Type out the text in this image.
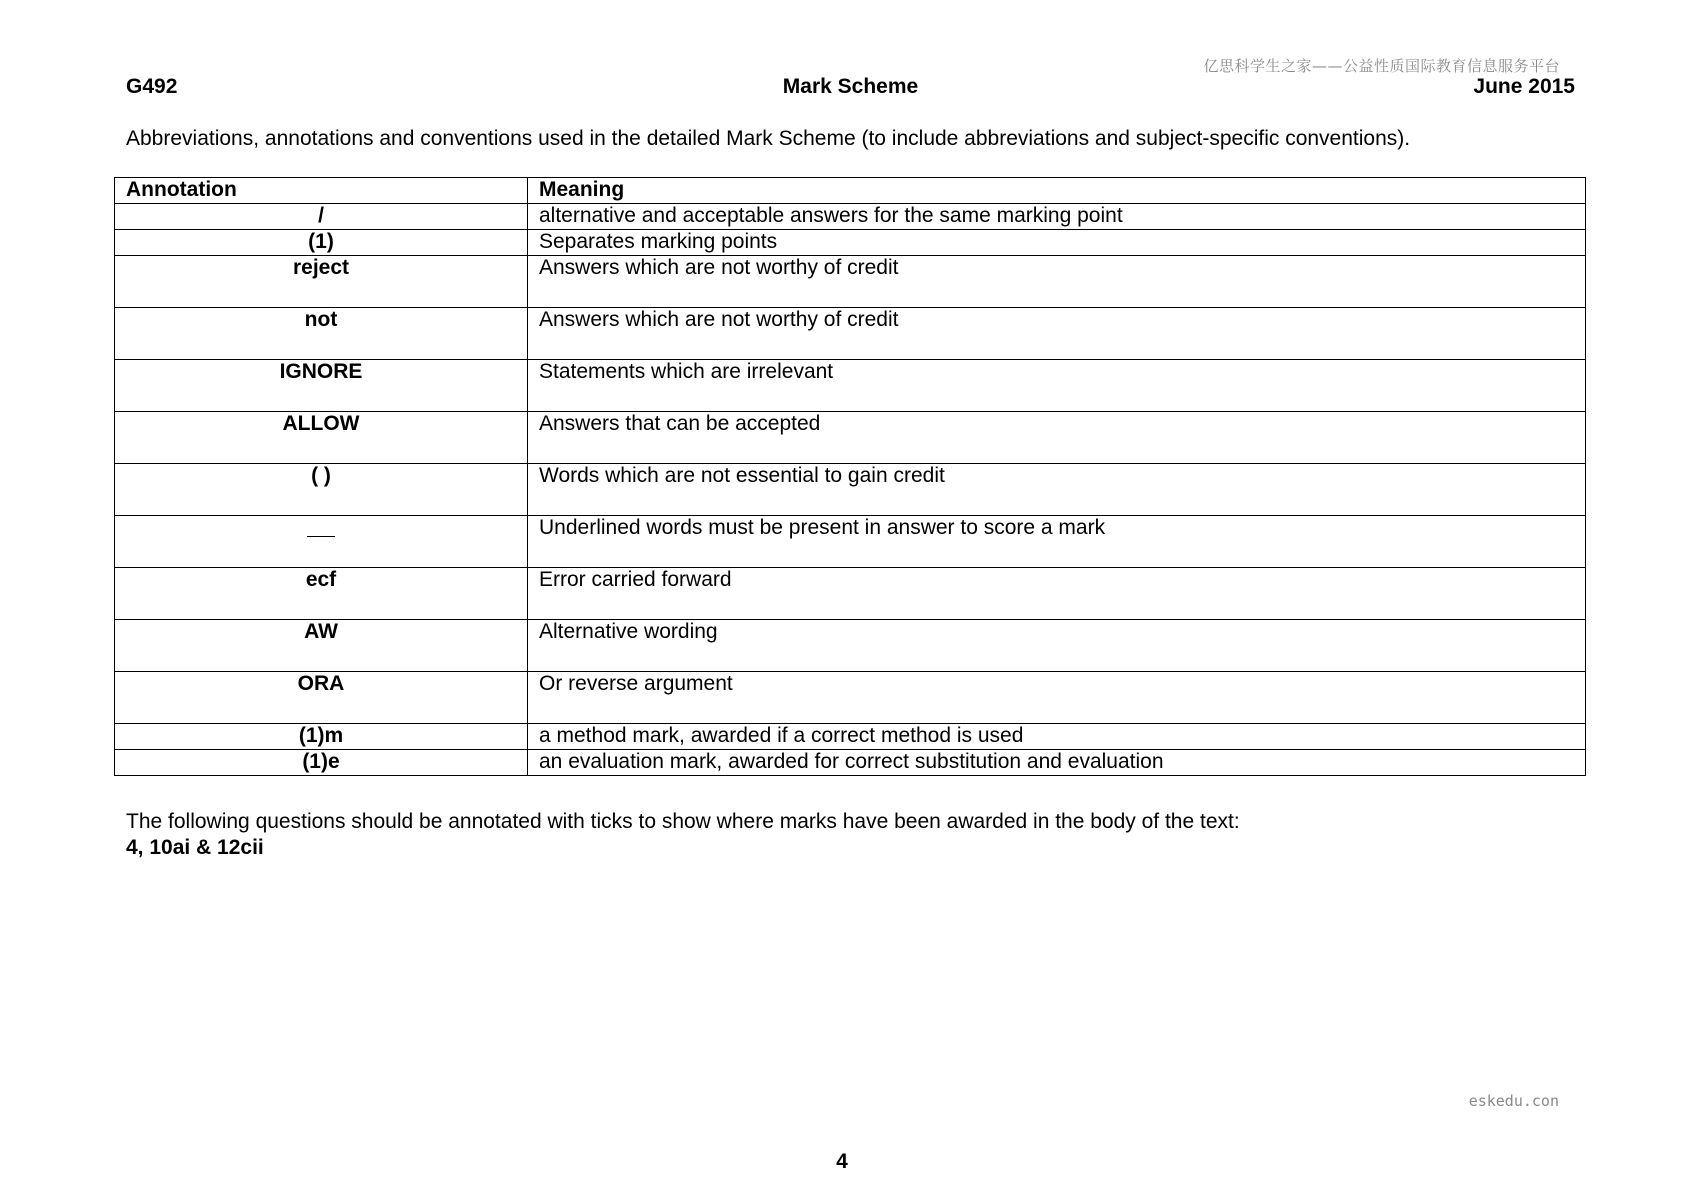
亿思科学生之家——公益性质国际教育信息服务平台
G492	Mark Scheme	June 2015
Abbreviations, annotations and conventions used in the detailed Mark Scheme (to include abbreviations and subject-specific conventions).
Annotation	Meaning
/	alternative and acceptable answers for the same marking point
(1)	Separates marking points
reject	Answers which are not worthy of credit
not	Answers which are not worthy of credit
IGNORE	Statements which are irrelevant
ALLOW	Answers that can be accepted
( )	Words which are not essential to gain credit
	Underlined words must be present in answer to score a mark
ecf	Error carried forward
AW	Alternative wording
ORA	Or reverse argument
(1)m	a method mark, awarded if a correct method is used
(1)e	an evaluation mark, awarded for correct substitution and evaluation
The following questions should be annotated with ticks to show where marks have been awarded in the body of the text:
4, 10ai & 12cii
eskedu.con
4
